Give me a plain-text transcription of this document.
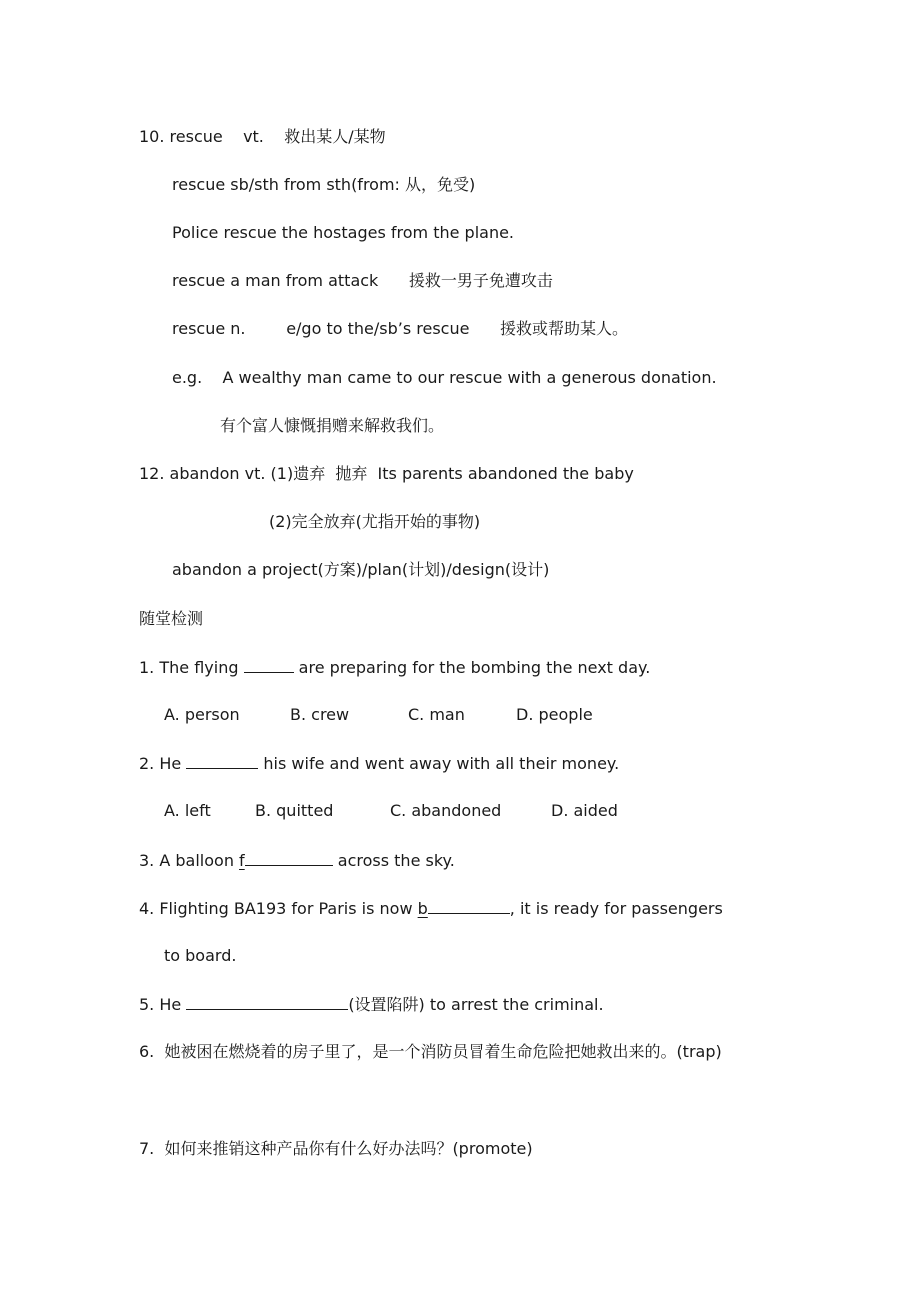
10. rescue    vt.    救出某人/某物
rescue sb/sth from sth(from: 从，免受)
Police rescue the hostages from the plane.
rescue a man from attack      援救一男子免遭攻击
rescue n.        e/go to the/sb’s rescue      援救或帮助某人。
e.g.    A wealthy man came to our rescue with a generous donation.
有个富人慷慨捐赠来解救我们。
12. abandon vt. (1)遗弃  抛弃  Its parents abandoned the baby
(2)完全放弃(尤指开始的事物)
abandon a project(方案)/plan(计划)/design(设计)
随堂检测
1. The flying	are preparing for the bombing the next day.
A. person	B. crew	C. man	D. people
2. He	his wife and went away with all their money.
A. left	B. quitted	C. abandoned	D. aided
3. A balloon f	across the sky.
4. Flighting BA193 for Paris is now b	, it is ready for passengers
to board.
5. He	(设置陷阱) to arrest the criminal.
6.  她被困在燃烧着的房子里了，是一个消防员冒着生命危险把她救出来的。(trap)
7.  如何来推销这种产品你有什么好办法吗？(promote)
